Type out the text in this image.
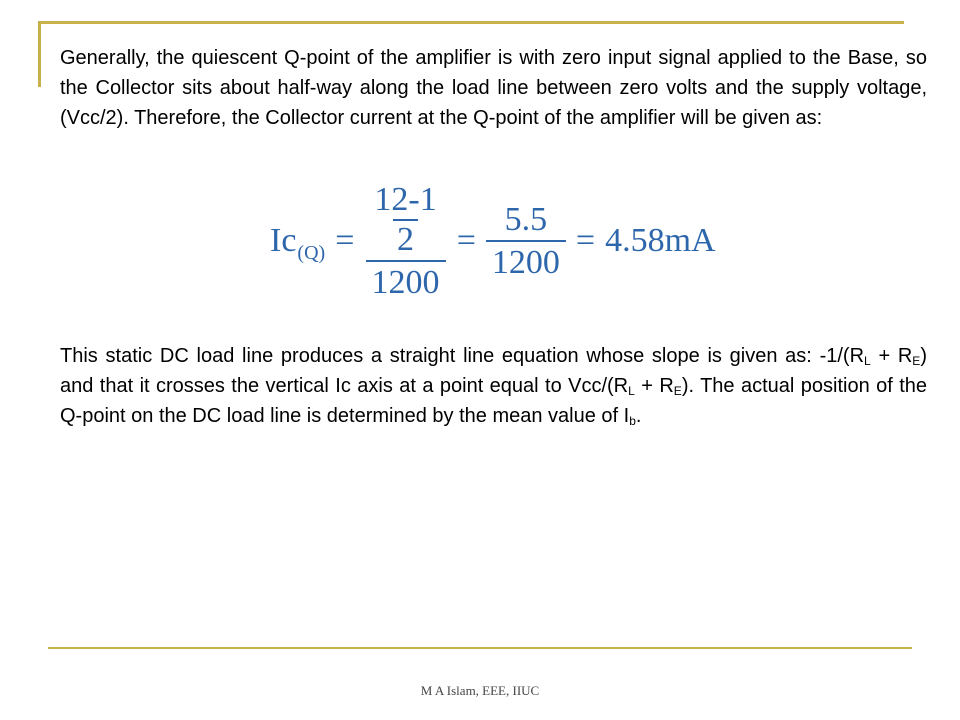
Generally, the quiescent Q-point of the amplifier is with zero input signal applied to the Base, so the Collector sits about half-way along the load line between zero volts and the supply voltage, (Vcc/2). Therefore, the Collector current at the Q-point of the amplifier will be given as:

Ic $(Q) = \frac{\frac{12-1}{2}}{1200} = \frac{5.5}{1200} = 4.58mA$
This static DC load line produces a straight line equation whose slope is given as: $-1/(R_L + R_E)$ and that it crosses the vertical Ic axis at a point equal to Vcc/$(R_L + R_E)$. The actual position of the Q-point on the DC load line is determined by the mean value of $I_b$.
M A Islam, EEE, IIUC
